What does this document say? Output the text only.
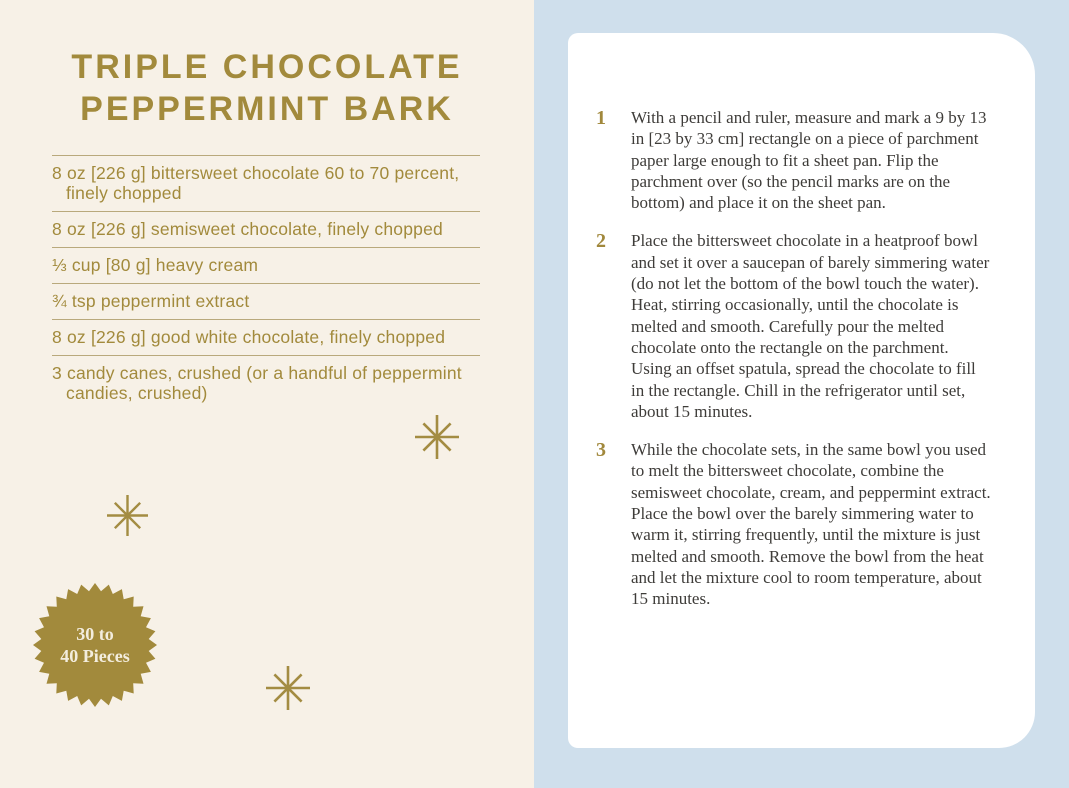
TRIPLE CHOCOLATE
PEPPERMINT BARK
8 oz [226 g] bittersweet chocolate 60 to 70 percent, finely chopped
8 oz [226 g] semisweet chocolate, finely chopped
⅓ cup [80 g] heavy cream
¾ tsp peppermint extract
8 oz [226 g] good white chocolate, finely chopped
3 candy canes, crushed (or a handful of peppermint candies, crushed)
30 to
40 Pieces
1	With a pencil and ruler, measure and mark a 9 by 13 in [23 by 33 cm] rectangle on a piece of parchment paper large enough to fit a sheet pan. Flip the parchment over (so the pencil marks are on the bottom) and place it on the sheet pan.
2	Place the bittersweet chocolate in a heatproof bowl and set it over a saucepan of barely simmering water (do not let the bottom of the bowl touch the water). Heat, stirring occasionally, until the chocolate is melted and smooth. Carefully pour the melted chocolate onto the rectangle on the parchment. Using an offset spatula, spread the chocolate to fill in the rectangle. Chill in the refrigerator until set, about 15 minutes.
3	While the chocolate sets, in the same bowl you used to melt the bittersweet chocolate, combine the semisweet chocolate, cream, and peppermint extract. Place the bowl over the barely simmering water to warm it, stirring frequently, until the mixture is just melted and smooth. Remove the bowl from the heat and let the mixture cool to room temperature, about 15 minutes.
